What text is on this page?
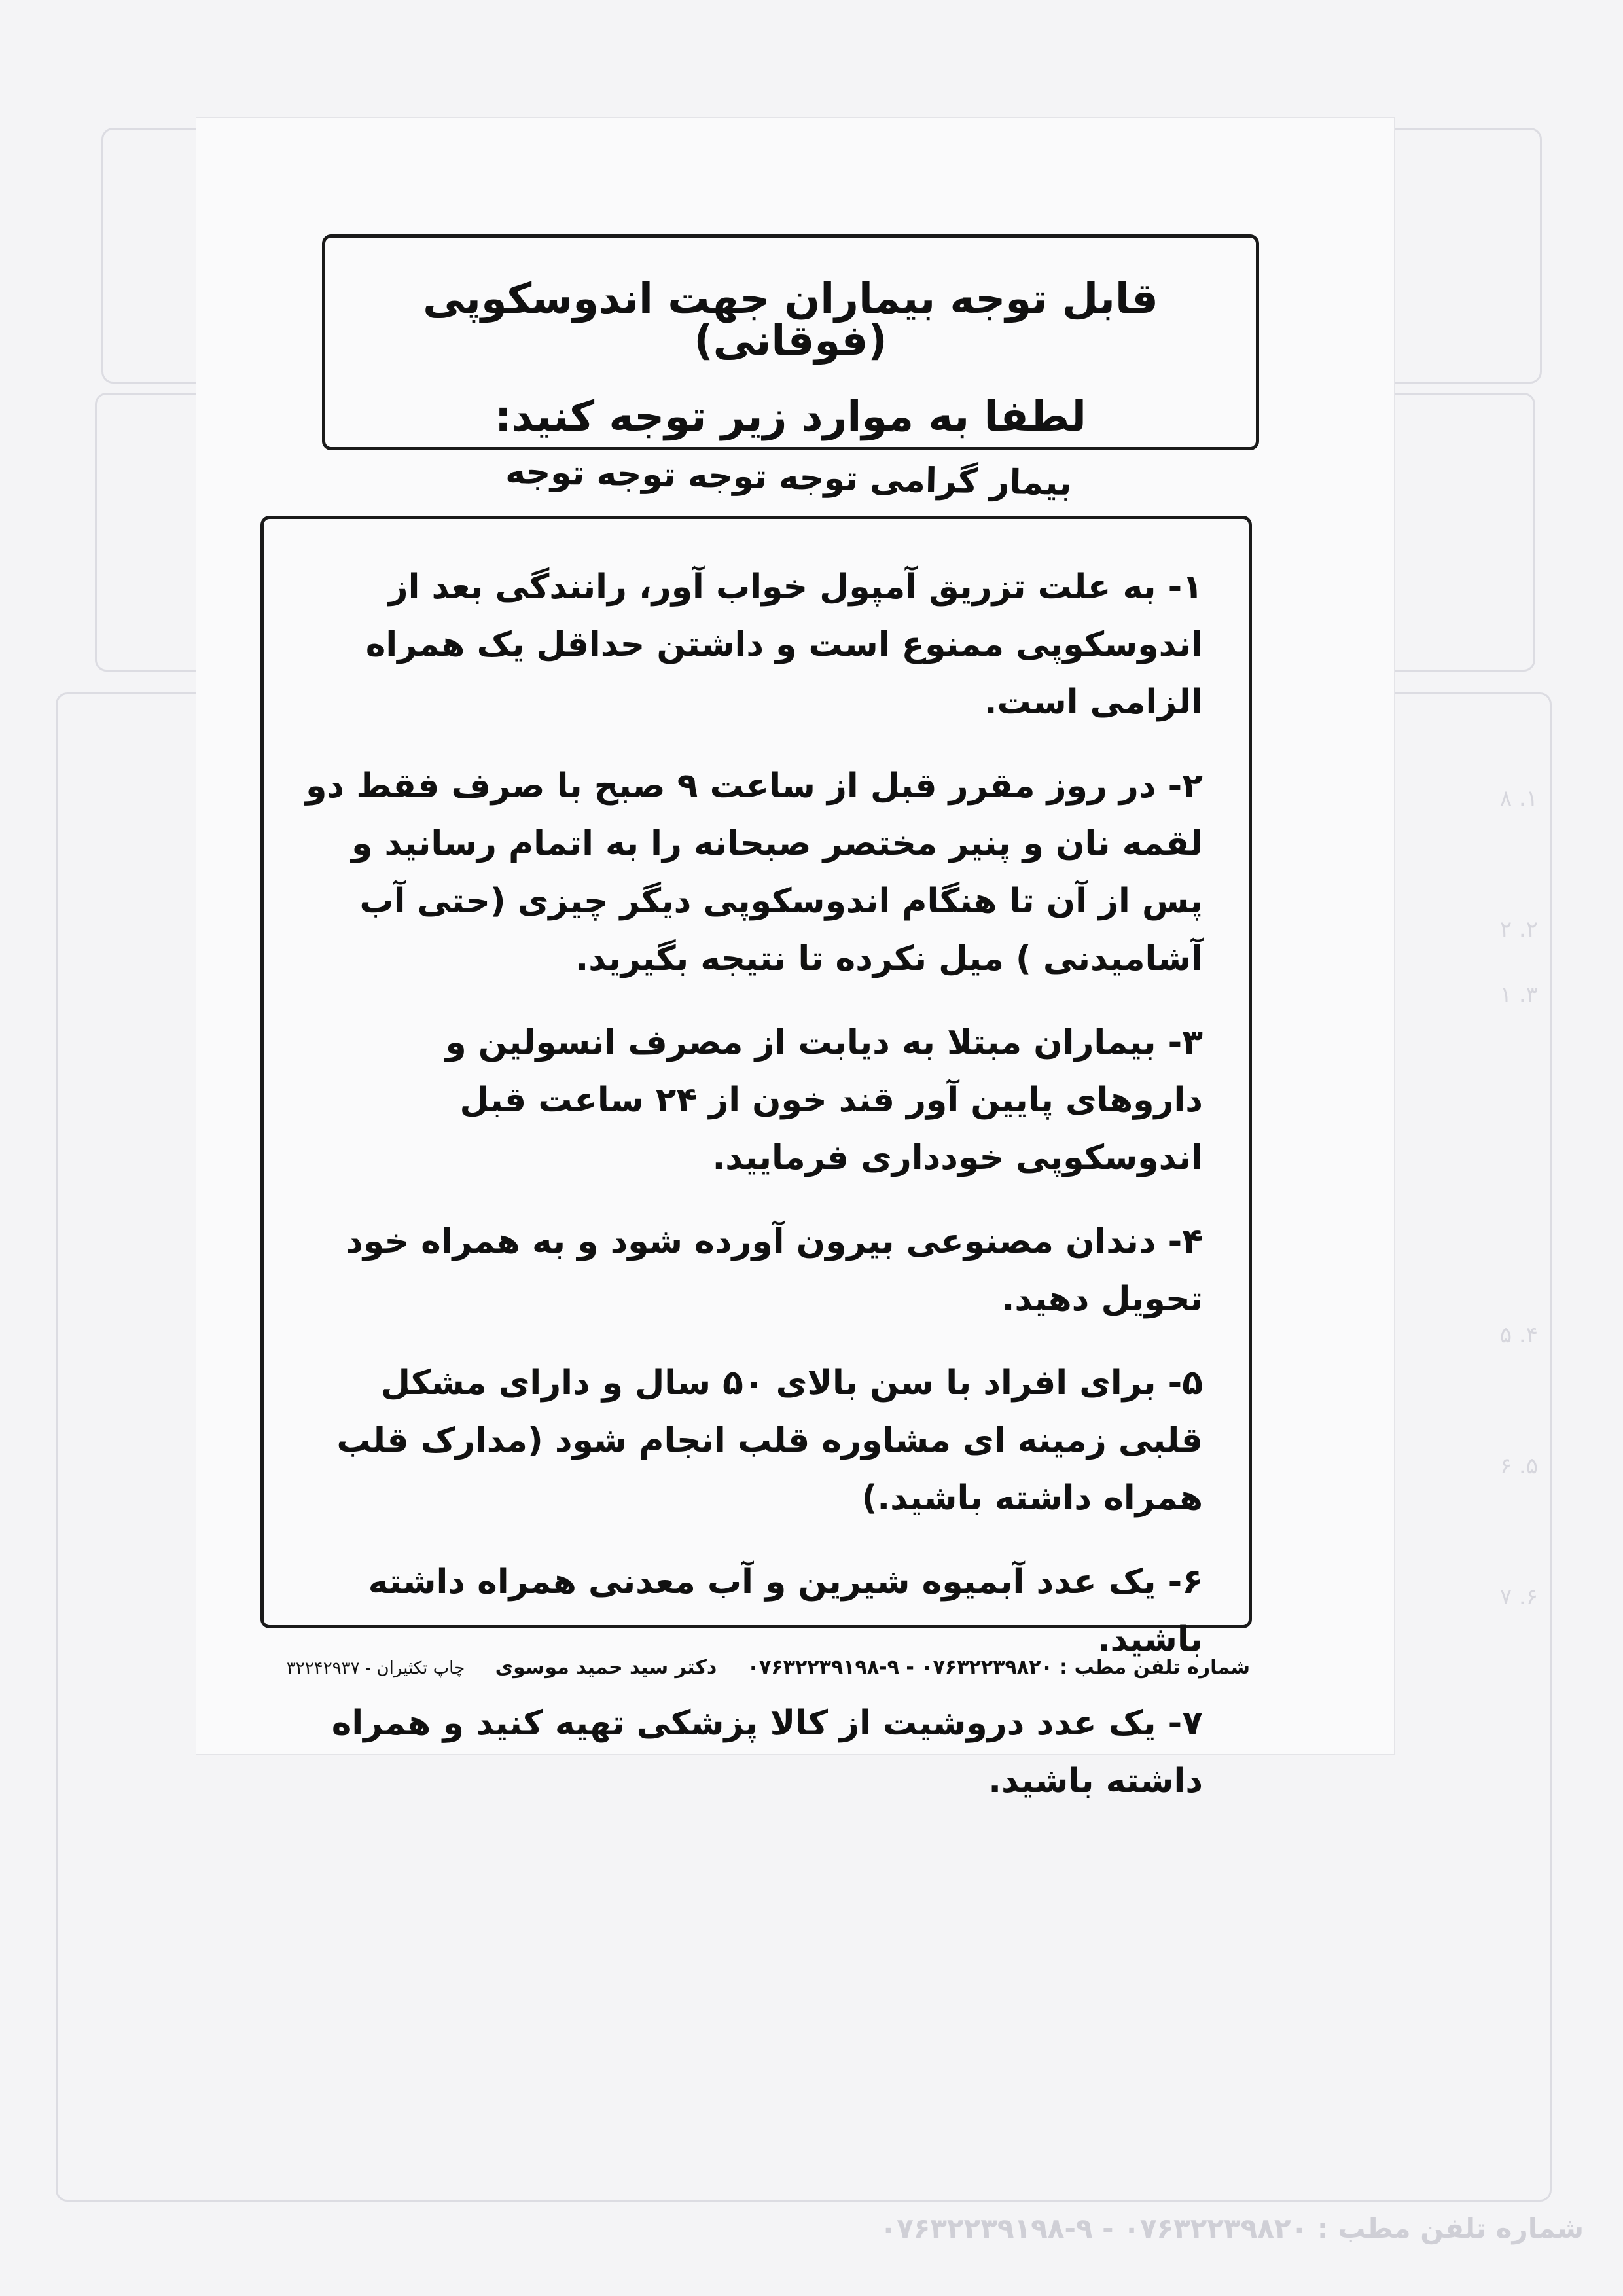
۱. ۸
۲. ۲
۳. ۱
۴. ۵
۵. ۶
۶. ۷
شماره تلفن مطب : ۰۷۶۳۲۲۳۹۸۲۰ - ۹-۰۷۶۳۲۲۳۹۱۹۸
قابل توجه بیماران جهت اندوسکوپی (فوقانی)
لطفا به موارد زیر توجه کنید:
بیمار گرامی توجه توجه توجه توجه
۱- به علت تزریق آمپول خواب آور، رانندگی بعد از اندوسکوپی ممنوع است و داشتن حداقل یک همراه الزامی است.
۲- در روز مقرر قبل از ساعت ۹ صبح با صرف فقط دو لقمه نان و پنیر مختصر صبحانه را به اتمام رسانید و پس از آن تا هنگام اندوسکوپی دیگر چیزی (حتی آب آشامیدنی ) میل نکرده تا نتیجه بگیرید.
۳- بیماران مبتلا به دیابت از مصرف انسولین و داروهای پایین آور قند خون از ۲۴ ساعت قبل اندوسکوپی خودداری فرمایید.
۴- دندان مصنوعی بیرون آورده شود و به همراه خود تحویل دهید.
۵- برای افراد با سن بالای ۵۰ سال و دارای مشکل قلبی زمینه ای مشاوره قلب انجام شود (مدارک قلب همراه داشته باشید.)
۶- یک عدد آبمیوه شیرین و آب معدنی همراه داشته باشید.
۷- یک عدد دروشیت از کالا پزشکی تهیه کنید و همراه داشته باشید.
شماره تلفن مطب : ۰۷۶۳۲۲۳۹۸۲۰ - ۹-۰۷۶۳۲۲۳۹۱۹۸ دکتر سید حمید موسوی چاپ تکثیران - ۳۲۲۴۲۹۳۷
